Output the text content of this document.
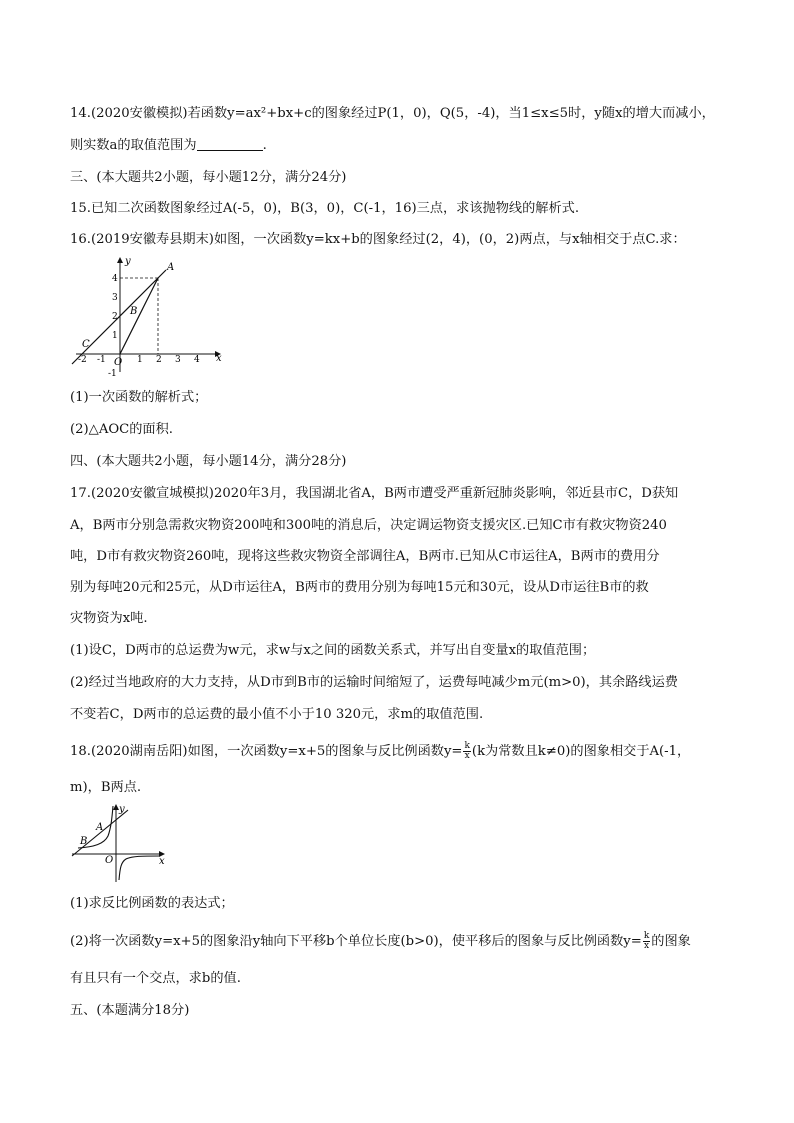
14.(2020安徽模拟)若函数y=ax²+bx+c的图象经过P(1，0)，Q(5，-4)，当1≤x≤5时，y随x的增大而减小，
则实数a的取值范围为	.
三、(本大题共2小题，每小题12分，满分24分)
15.已知二次函数图象经过A(-5，0)，B(3，0)，C(-1，16)三点，求该抛物线的解析式.
16.(2019安徽寿县期末)如图，一次函数y=kx+b的图象经过(2，4)，(0，2)两点，与x轴相交于点C.求：
x
y
-2 -1	1 2 3 4
4
3
2
1
-1
A
B
C
O
(1)一次函数的解析式；
(2)△AOC的面积.
四、(本大题共2小题，每小题14分，满分28分)
17.(2020安徽宣城模拟)2020年3月，我国湖北省A，B两市遭受严重新冠肺炎影响，邻近县市C，D获知
A，B两市分别急需救灾物资200吨和300吨的消息后，决定调运物资支援灾区.已知C市有救灾物资240
吨，D市有救灾物资260吨，现将这些救灾物资全部调往A，B两市.已知从C市运往A，B两市的费用分
别为每吨20元和25元，从D市运往A，B两市的费用分别为每吨15元和30元，设从D市运往B市的救
灾物资为x吨.
(1)设C，D两市的总运费为w元，求w与x之间的函数关系式，并写出自变量x的取值范围；
(2)经过当地政府的大力支持，从D市到B市的运输时间缩短了，运费每吨减少m元(m>0)，其余路线运费
不变若C，D两市的总运费的最小值不小于10 320元，求m的取值范围.
18.(2020湖南岳阳)如图，一次函数y=x+5的图象与反比例函数$y= \frac{k}{x} (k$为常数且k≠0)的图象相交于A(-1，
m)，B两点.
x
y
O
A
B
(1)求反比例函数的表达式；
(2)将一次函数y=x+5的图象沿y轴向下平移b个单位长度(b>0)，使平移后的图象与反比例函数$y= \frac{k}{x}$ 的图象
有且只有一个交点，求b的值.
五、(本题满分18分)
